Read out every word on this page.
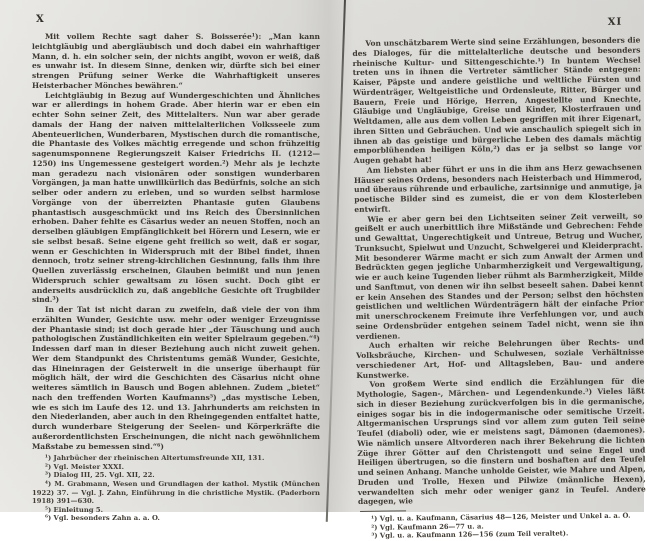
X

Mit vollem Rechte sagt daher S. Boisserée¹): „Man kann leichtgläubig und abergläubisch und doch dabei ein wahrhaftiger Mann, d. h. ein solcher sein, der nichts angibt, wovon er weiß, daß es unwahr ist. In diesem Sinne, denken wir, dürfte sich bei einer strengen Prüfung seiner Werke die Wahrhaftigkeit unseres Heisterbacher Mönches bewähren.“

Leichtgläubig in Bezug auf Wundergeschichten und Ähnliches war er allerdings in hohem Grade. Aber hierin war er eben ein echter Sohn seiner Zeit, des Mittelalters. Nun war aber gerade damals der Hang der naiven mittelalterlichen Volksseele zum Abenteuerlichen, Wunderbaren, Mystischen durch die romantische, die Phantasie des Volkes mächtig erregende und schon frühzeitig sagenumsponnene Regierungszeit Kaiser Friedrichs II. (1212—1250) ins Ungemessene gesteigert worden.²) Mehr als je lechzte man geradezu nach visionären oder sonstigen wunderbaren Vorgängen, ja man hatte unwillkürlich das Bedürfnis, solche an sich selber oder andern zu erleben, und so wurden selbst harmlose Vorgänge von der überreizten Phantasie guten Glaubens phantastisch ausgeschmückt und ins Reich des Übersinnlichen erhoben. Daher fehlte es Cäsarius weder an neuen Stoffen, noch an derselben gläubigen Empfänglichkeit bei Hörern und Lesern, wie er sie selbst besaß. Seine eigene geht freilich so weit, daß er sogar, wenn er Geschichten in Widerspruch mit der Bibel findet, ihnen dennoch, trotz seiner streng-kirchlichen Gesinnung, falls ihm ihre Quellen zuverlässig erscheinen, Glauben beimißt und nun jenen Widerspruch schier gewaltsam zu lösen sucht. Doch gibt er anderseits ausdrücklich zu, daß angebliche Gesichte oft Trugbilder sind.³)

In der Tat ist nicht daran zu zweifeln, daß viele der von ihm erzählten Wunder, Gesichte usw. mehr oder weniger Erzeugnisse der Phantasie sind; ist doch gerade hier „der Täuschung und auch pathologischen Zuständlichkeiten ein weiter Spielraum gegeben.“⁴) Indessen darf man in dieser Beziehung auch nicht zuweit gehen. Wer dem Standpunkt des Christentums gemäß Wunder, Gesichte, das Hineinragen der Geisterwelt in die unserige überhaupt für möglich hält, der wird die Geschichten des Cäsarius nicht ohne weiteres sämtlich in Bausch und Bogen ablehnen. Zudem „bietet“ nach den treffenden Worten Kaufmanns⁵) „das mystische Leben, wie es sich im Laufe des 12. und 13. Jahrhunderts am reichsten in den Niederlanden, aber auch in den Rheingegenden entfaltet hatte, durch wunderbare Steigerung der Seelen- und Körperkräfte die außerordentlichsten Erscheinungen, die nicht nach gewöhnlichem Maßstabe zu bemessen sind.“⁶)

¹) Jahrbücher der rheinischen Altertumsfreunde XII, 131.

²) Vgl. Meister XXXI.

³) Dialog III, 25. Vgl. XII, 22.

⁴) M. Grabmann, Wesen und Grundlagen der kathol. Mystik (München 1922) 37. — Vgl. J. Zahn, Einführung in die christliche Mystik. (Paderborn 1918) 391—630.

⁵) Einleitung 5.

⁶) Vgl. besonders Zahn a. a. O.

XI

Von unschätzbarem Werte sind seine Erzählungen, besonders die des Dialoges, für die mittelalterliche deutsche und besonders rheinische Kultur- und Sittengeschichte.¹) In buntem Wechsel treten uns in ihnen die Vertreter sämtlicher Stände entgegen: Kaiser, Päpste und andere geistliche und weltliche Fürsten und Würdenträger, Weltgeistliche und Ordensleute, Ritter, Bürger und Bauern, Freie und Hörige, Herren, Angestellte und Knechte, Gläubige und Ungläubige, Greise und Kinder, Klosterfrauen und Weltdamen, alle aus dem vollen Leben gegriffen mit ihrer Eigenart, ihren Sitten und Gebräuchen. Und wie anschaulich spiegelt sich in ihnen ab das geistige und bürgerliche Leben des damals mächtig emporblühenden heiligen Köln,²) das er ja selbst so lange vor Augen gehabt hat!

Am liebsten aber führt er uns in die ihm ans Herz gewachsenen Häuser seines Ordens, besonders nach Heisterbach und Himmerod, und überaus rührende und erbauliche, zartsinnige und anmutige, ja poetische Bilder sind es zumeist, die er von dem Klosterleben entwirft.

Wie er aber gern bei den Lichtseiten seiner Zeit verweilt, so geißelt er auch unerbittlich ihre Mißstände und Gebrechen: Fehde und Gewalttat, Ungerechtigkeit und Untreue, Betrug und Wucher, Trunksucht, Spielwut und Unzucht, Schwelgerei und Kleiderpracht. Mit besonderer Wärme macht er sich zum Anwalt der Armen und Bedrückten gegen jegliche Unbarmherzigkeit und Vergewaltigung, wie er auch keine Tugenden lieber rühmt als Barmherzigkeit, Milde und Sanftmut, von denen wir ihn selbst beseelt sahen. Dabei kennt er kein Ansehen des Standes und der Person; selbst den höchsten geistlichen und weltlichen Würdenträgern hält der einfache Prior mit unerschrockenem Freimute ihre Verfehlungen vor, und auch seine Ordensbrüder entgehen seinem Tadel nicht, wenn sie ihn verdienen.

Auch erhalten wir reiche Belehrungen über Rechts- und Volksbräuche, Kirchen- und Schulwesen, soziale Verhältnisse verschiedener Art, Hof- und Alltagsleben, Bau- und andere Kunstwerke.

Von großem Werte sind endlich die Erzählungen für die Mythologie, Sagen-, Märchen- und Legendenkunde.³) Vieles läßt sich in dieser Beziehung zurückverfolgen bis in die germanische, einiges sogar bis in die indogermanische oder semitische Urzeit. Altgermanischen Ursprungs sind vor allem zum guten Teil seine Teufel (diaboli) oder, wie er meistens sagt, Dämonen (daemones). Wie nämlich unsere Altvorderen nach ihrer Bekehrung die lichten Züge ihrer Götter auf den Christengott und seine Engel und Heiligen übertrugen, so die finstern und boshaften auf den Teufel und seinen Anhang. Manche unholde Geister, wie Mahre und Alpen, Druden und Trolle, Hexen und Pilwize (männliche Hexen), verwandelten sich mehr oder weniger ganz in Teufel. Andere dagegen, wie

¹) Vgl. u. a. Kaufmann, Cäsarius 48—126, Meister und Unkel a. a. O.

²) Vgl. Kaufmann 26—77 u. a.

³) Vgl. u. a. Kaufmann 126—156 (zum Teil veraltet).
